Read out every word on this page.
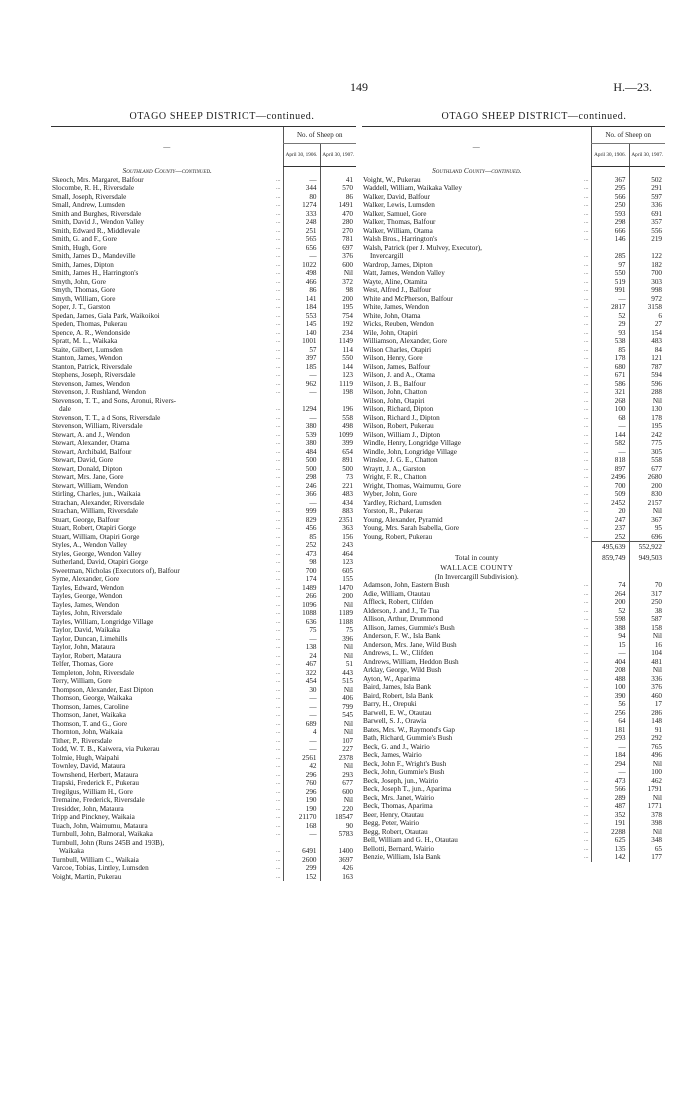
149	H.—23.
OTAGO SHEEP DISTRICT—continued.	OTAGO SHEEP DISTRICT—continued.
—		No. of Sheep on	
		April 30, 1906.	April 30, 1907.
Southland County—continued.			
Skeoch, Mrs. Margaret, Balfour	...	—	41
Slocombe, R. H., Riversdale	...	344	570
Small, Joseph, Riversdale	...	80	86
Small, Andrew, Lumsden	...	1274	1491
Smith and Burghes, Riversdale	...	333	470
Smith, David J., Wendon Valley	...	248	280
Smith, Edward R., Middlevale	...	251	270
Smith, G. and F., Gore	...	565	781
Smith, Hugh, Gore	...	656	697
Smith, James D., Mandeville	...	—	376
Smith, James, Dipton	...	1022	600
Smith, James H., Harrington's	...	498	Nil
Smyth, John, Gore	...	466	372
Smyth, Thomas, Gore	...	86	98
Smyth, William, Gore	...	141	200
Soper, J. T., Garston	...	184	195
Spedan, James, Gala Park, Waikoikoi	...	553	754
Speden, Thomas, Pukerau	...	145	192
Spence, A. R., Wendonside	...	140	234
Spratt, M. L., Waikaka	...	1001	1149
Staite, Gilbert, Lumsden	...	57	114
Stanton, James, Wendon	...	397	550
Stanton, Patrick, Riversdale	...	185	144
Stephens, Joseph, Riversdale	...	—	123
Stevenson, James, Wendon	...	962	1119
Stevenson, J. Rushland, Wendon	...	—	198
Stevenson, T. T., and Sons, Aronui, Rivers-			
dale	...	1294	196
Stevenson, T. T., a d Sons, Riversdale	...	—	558
Stevenson, William, Riversdale	...	380	498
Stewart, A. and J., Wendon	...	539	1099
Stewart, Alexander, Otama	...	380	399
Stewart, Archibald, Balfour	...	484	654
Stewart, David, Gore	...	500	891
Stewart, Donald, Dipton	...	500	500
Stewart, Mrs. Jane, Gore	...	298	73
Stewart, William, Wendon	...	246	221
Stirling, Charles, jun., Waikaia	...	366	483
Strachan, Alexander, Riversdale	...	—	434
Strachan, William, Riversdale	...	999	883
Stuart, George, Balfour	...	829	2351
Stuart, Robert, Otapiri Gorge	...	456	363
Stuart, William, Otapiri Gorge	...	85	156
Styles, A., Wendon Valley	...	252	243
Styles, George, Wendon Valley	...	473	464
Sutherland, David, Otapiri Gorge	...	98	123
Sweetman, Nicholas (Executors of), Balfour	...	700	605
Syme, Alexander, Gore	...	174	155
Tayles, Edward, Wendon	...	1489	1470
Tayles, George, Wendon	...	266	200
Tayles, James, Wendon	...	1096	Nil
Tayles, John, Riversdale	...	1088	1189
Tayles, William, Longridge Village	...	636	1188
Taylor, David, Waikaka	...	75	75
Taylor, Duncan, Limehills	...	—	396
Taylor, John, Mataura	...	138	Nil
Taylor, Robert, Mataura	...	24	Nil
Telfer, Thomas, Gore	...	467	51
Templeton, John, Riversdale	...	322	443
Terry, William, Gore	...	454	515
Thompson, Alexander, East Dipton	...	30	Nil
Thomson, George, Waikaka	...	—	406
Thomson, James, Caroline	...	—	799
Thomson, Janet, Waikaka	...	—	545
Thomson, T. and G., Gore	...	689	Nil
Thornton, John, Waikaia	...	4	Nil
Tither, P., Riversdale	...	—	107
Todd, W. T. B., Kaiwera, via Pukerau	...	—	227
Tolmie, Hugh, Waipahi	...	2561	2378
Townley, David, Mataura	...	42	Nil
Townshend, Herbert, Mataura	...	296	293
Trapski, Frederick F., Pukerau	...	760	677
Tregilgus, William H., Gore	...	296	600
Tremaine, Frederick, Riversdale	...	190	Nil
Tresidder, John, Mataura	...	190	220
Tripp and Pinckney, Waikaia	...	21170	18547
Tuach, John, Waimumu, Mataura	...	168	90
Turnbull, John, Balmoral, Waikaka	...	—	5783
Turnbull, John (Runs 245B and 193B),			
Waikaka	...	6491	1400
Turnbull, William C., Waikaia	...	2600	3697
Varcoe, Tobias, Lintley, Lumsden	...	299	426
Voight, Martin, Pukerau	...	152	163
—		No. of Sheep on	
		April 30, 1906.	April 30, 1907.
Southland County—continued.			
Voight, W., Pukerau	...	367	502
Waddell, William, Waikaka Valley	...	295	291
Walker, David, Balfour	...	566	597
Walker, Lewis, Lumsden	...	250	336
Walker, Samuel, Gore	...	593	691
Walker, Thomas, Balfour	...	298	357
Walker, William, Otama	...	666	556
Walsh Bros., Harrington's	...	146	219
Walsh, Patrick (per J. Mulvey, Executor),			
Invercargill	...	285	122
Wardrop, James, Dipton	...	97	182
Watt, James, Wendon Valley	...	550	700
Wayte, Aline, Otamita	...	519	303
West, Alfred J., Balfour	...	991	998
White and McPherson, Balfour	...	—	972
White, James, Wendon	...	2817	3158
White, John, Otama	...	52	6
Wicks, Reuben, Wendon	...	29	27
Wile, John, Otapiri	...	93	154
Williamson, Alexander, Gore	...	538	483
Wilson Charles, Otapiri	...	85	84
Wilson, Henry, Gore	...	178	121
Wilson, James, Balfour	...	680	787
Wilson, J. and A., Otama	...	671	594
Wilson, J. B., Balfour	...	586	596
Wilson, John, Chatton	...	321	288
Wilson, John, Otapiri	...	268	Nil
Wilson, Richard, Dipton	...	100	130
Wilson, Richard J., Dipton	...	68	178
Wilson, Robert, Pukerau	...	—	195
Wilson, William J., Dipton	...	144	242
Windle, Henry, Longridge Village	...	582	775
Windle, John, Longridge Village	...	—	305
Winslee, J. G. E., Chatton	...	818	558
Wraytt, J. A., Garston	...	897	677
Wright, F. R., Chatton	...	2496	2680
Wright, Thomas, Waimumu, Gore	...	700	200
Wyber, John, Gore	...	509	830
Yardley, Richard, Lumsden	...	2452	2157
Yorston, R., Pukerau	...	20	Nil
Young, Alexander, Pyramid	...	247	367
Young, Mrs. Sarah Isabella, Gore	...	237	95
Young, Robert, Pukerau	...	252	696
		495,639	552,922
Total in county		859,749	949,503
WALLACE COUNTY			
(In Invercargill Subdivision).			
Adamson, John, Eastern Bush	...	74	70
Adie, William, Otautau	...	264	317
Affleck, Robert, Clifden	...	200	250
Alderson, J. and J., Te Tua	...	52	38
Allison, Arthur, Drummond	...	598	587
Allison, James, Gummie's Bush	...	388	158
Anderson, F. W., Isla Bank	...	94	Nil
Anderson, Mrs. Jane, Wild Bush	...	15	16
Andrews, L. W., Clifden	...	—	104
Andrews, William, Heddon Bush	...	404	481
Arklay, George, Wild Bush	...	208	Nil
Ayton, W., Aparima	...	488	336
Baird, James, Isla Bank	...	100	376
Baird, Robert, Isla Bank	...	390	460
Barry, H., Orepuki	...	56	17
Barwell, E. W., Otautau	...	256	286
Barwell, S. J., Orawia	...	64	148
Bates, Mrs. W., Raymond's Gap	...	181	91
Bath, Richard, Gummie's Bush	...	293	292
Beck, G. and J., Wairio	...	—	765
Beck, James, Wairio	...	184	496
Beck, John F., Wright's Bush	...	294	Nil
Beck, John, Gummie's Bush	...	—	100
Beck, Joseph, jun., Wairio	...	473	462
Beck, Joseph T., jun., Aparima	...	566	1791
Beck, Mrs. Janet, Wairio	...	289	Nil
Beck, Thomas, Aparima	...	487	1771
Beer, Henry, Otautau	...	352	378
Begg, Peter, Wairio	...	191	398
Begg, Robert, Otautau	...	2288	Nil
Bell, William and G. H., Otautau	...	625	348
Bellotti, Bernard, Wairio	...	135	65
Benzie, William, Isla Bank	...	142	177
